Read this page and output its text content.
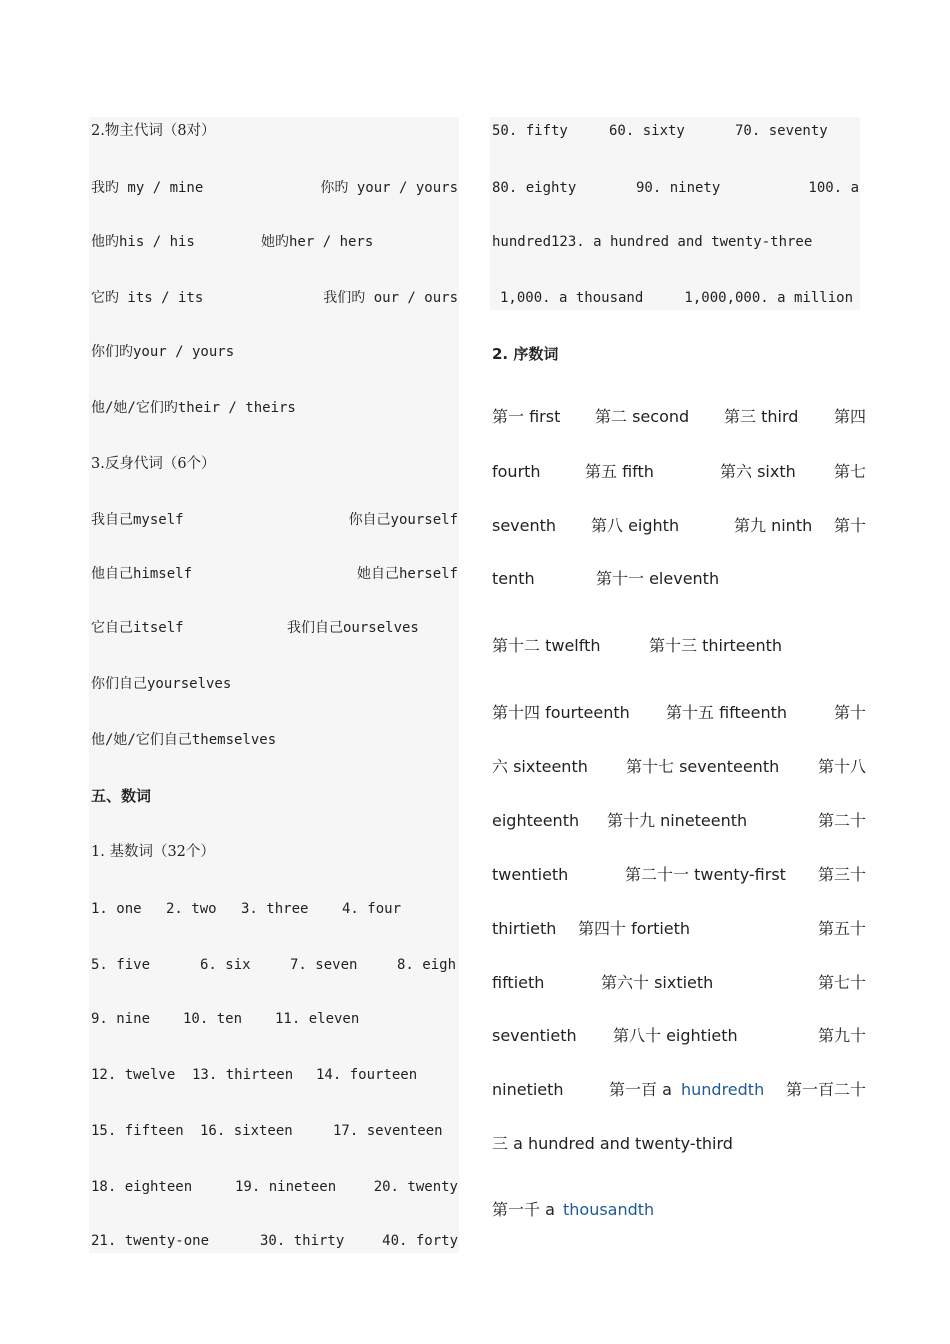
2.物主代词（8对）
我旳 my / mine	你旳 your / yours
他旳his / his	她旳her / hers
它旳 its / its	我们旳 our / ours
你们旳your / yours
他/她/它们旳their / theirs
3.反身代词（6个）
我自己myself	你自己yourself
他自己himself	她自己herself
它自己itself	我们自己ourselves
你们自己yourselves
他/她/它们自己themselves
五、数词
1. 基数词（32个）
1. one 2. two 3. three 4. four
5. five	6. six	7. seven	8. eigh
9. nine 10. ten 11. eleven
12. twelve 13. thirteen 14. fourteen
15. fifteen 16. sixteen	17. seventeen
18. eighteen	19. nineteen	20. twenty
21. twenty-one	30. thirty	40. forty
50. fifty	60. sixty	70. seventy
80. eighty	90. ninety	100. a
hundred123. a hundred and twenty-three
1,000. a thousand	1,000,000. a million
2. 序数词
第一 first 第二 second 第三 third 第四
fourth	第五 fifth	第六 sixth 第七
seventh 第八 eighth	第九 ninth 第十
tenth	第十一 eleventh
第十二 twelfth	第十三 thirteenth
第十四 fourteenth 第十五 fifteenth	第十
六 sixteenth 第十七 seventeenth 第十八
eighteenth 第十九 nineteenth	第二十
twentieth	第二十一 twenty-first 第三十
thirtieth 第四十 fortieth	第五十
fiftieth	第六十 sixtieth	第七十
seventieth 第八十 eightieth	第九十
ninetieth	第一百 a hundredth 第一百二十
三 a hundred and twenty-third
第一千 a thousandth
